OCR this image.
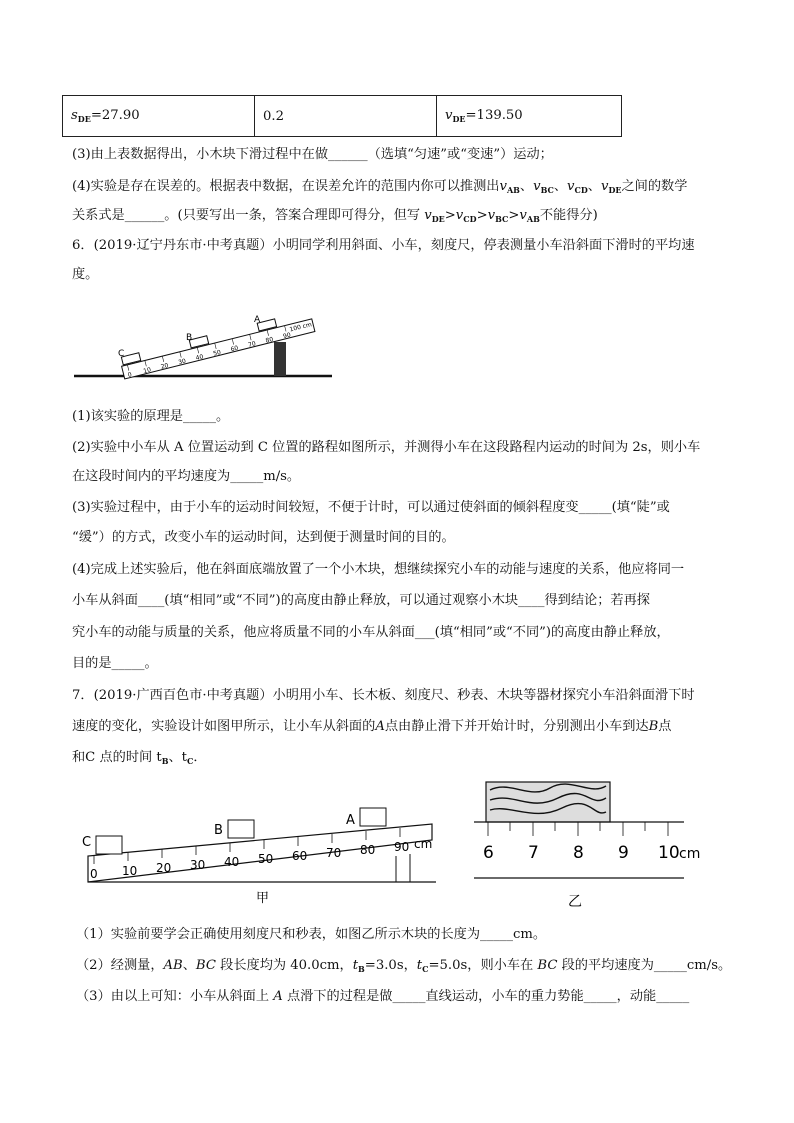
$s_{DE}=27.90$	0.2	$v_{DE}=139.50$
(3)由上表数据得出，小木块下滑过程中在做______（选填“匀速”或“变速”）运动；
(4)实验是存在误差的。根据表中数据，在误差允许的范围内你可以推测出$v_{AB}$、$v_{BC}$、$v_{CD}$、$v_{DE}$之间的数学
关系式是______。(只要写出一条，答案合理即可得分，但写 $v_{DE}>v_{CD}>v_{BC}>v_{AB}$不能得分)
6．(2019·辽宁丹东市·中考真题）小明同学利用斜面、小车，刻度尺，停表测量小车沿斜面下滑时的平均速
度。
0
10
20
30
40
50
60
70
80
90
100 cm
C
B
A
(1)该实验的原理是_____。
(2)实验中小车从 A 位置运动到 C 位置的路程如图所示，并测得小车在这段路程内运动的时间为 2s，则小车
在这段时间内的平均速度为_____m/s。
(3)实验过程中，由于小车的运动时间较短，不便于计时，可以通过使斜面的倾斜程度变_____(填“陡”或
“缓”）的方式，改变小车的运动时间，达到便于测量时间的目的。
(4)完成上述实验后，他在斜面底端放置了一个小木块，想继续探究小车的动能与速度的关系，他应将同一
小车从斜面____(填“相同”或“不同”)的高度由静止释放，可以通过观察小木块____得到结论；若再探
究小车的动能与质量的关系，他应将质量不同的小车从斜面___(填“相同”或“不同”)的高度由静止释放，
目的是_____。
7．(2019·广西百色市·中考真题）小明用小车、长木板、刻度尺、秒表、木块等器材探究小车沿斜面滑下时
速度的变化，实验设计如图甲所示，让小车从斜面的A点由静止滑下并开始计时，分别测出小车到达B点
和C 点的时间 $t_B$、$t_C$．
0 10 20 30 40 50 60 70 80 90 cm
C
B
A
甲
6 7 8 9 10 cm
乙
（1）实验前要学会正确使用刻度尺和秒表，如图乙所示木块的长度为_____cm。
（2）经测量，AB、BC 段长度均为 40.0cm，$t_B=3.0s$，$t_C=5.0s$，则小车在 BC 段的平均速度为_____cm/s。
（3）由以上可知：小车从斜面上 A 点滑下的过程是做_____直线运动，小车的重力势能_____，动能_____
